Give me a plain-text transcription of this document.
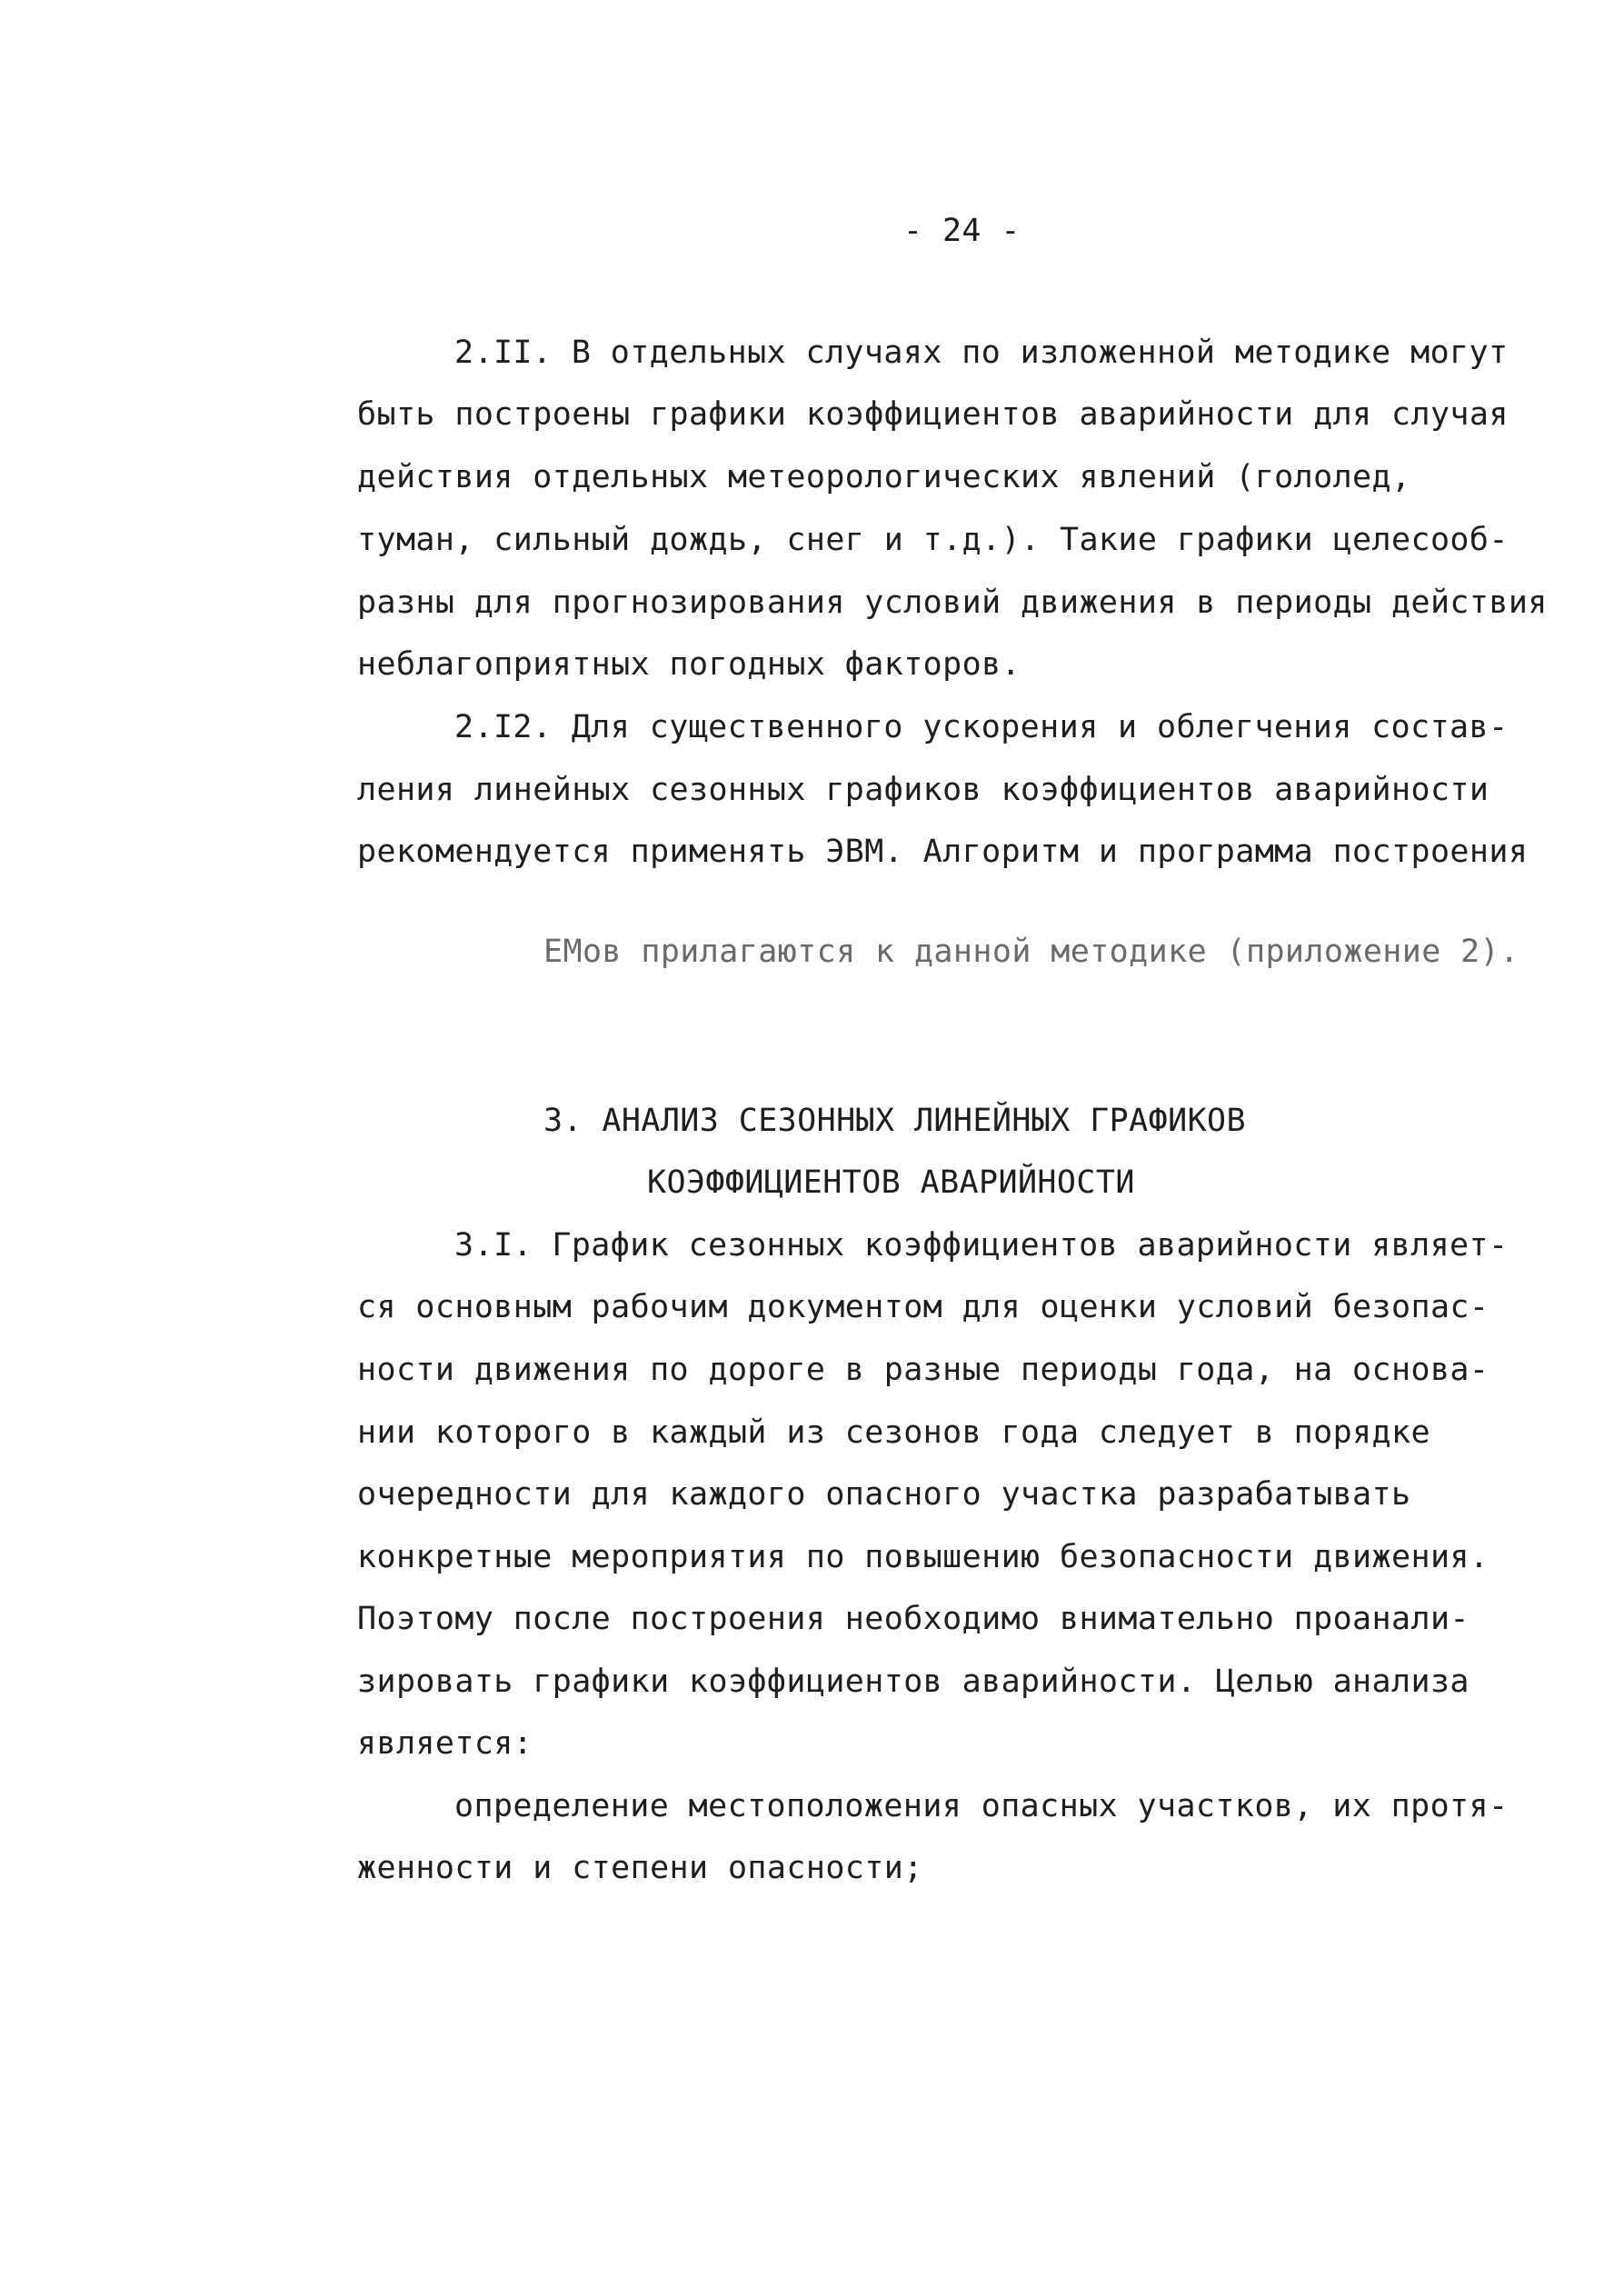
- 24 -
2.II. В отдельных случаях по изложенной методике могут
быть построены графики коэффициентов аварийности для случая
действия отдельных метеорологических явлений (гололед,
туман, сильный дождь, снег и т.д.). Такие графики целесооб-
разны для прогнозирования условий движения в периоды действия
неблагоприятных погодных факторов.
2.I2. Для существенного ускорения и облегчения состав-
ления линейных сезонных графиков коэффициентов аварийности
рекомендуется применять ЭВМ. Алгоритм и программа построения
ЕМов прилагаются к данной методике (приложение 2).
3. АНАЛИЗ СЕЗОННЫХ ЛИНЕЙНЫХ ГРАФИКОВ
КОЭФФИЦИЕНТОВ АВАРИЙНОСТИ
3.I. График сезонных коэффициентов аварийности являет-
ся основным рабочим документом для оценки условий безопас-
ности движения по дороге в разные периоды года, на основа-
нии которого в каждый из сезонов года следует в порядке
очередности для каждого опасного участка разрабатывать
конкретные мероприятия по повышению безопасности движения.
Поэтому после построения необходимо внимательно проанали-
зировать графики коэффициентов аварийности. Целью анализа
является:
определение местоположения опасных участков, их протя-
женности и степени опасности;
